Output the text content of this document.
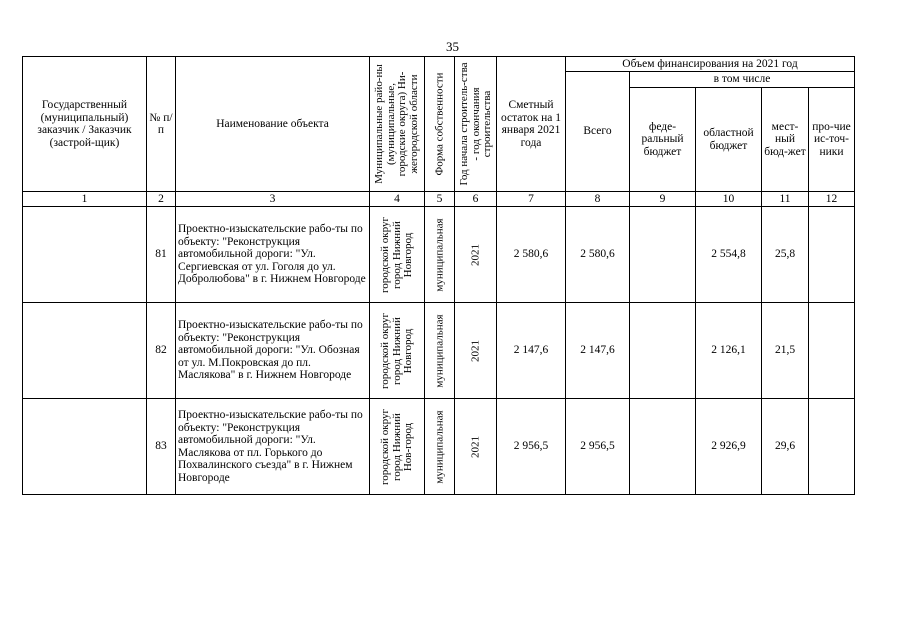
35
Государственный (муниципальный) заказчик / Заказчик (застрой-щик)	№ п/п	Наименование объекта	Муниципальные райо-ны (муниципальные, городские округа) Ни-жегородской области	Форма собственности	Год начала строитель-ства - год окончания строительства	Сметный остаток на 1 января 2021 года	Объем финансирования на 2021 год				
							Всего	в том числе			
								феде-ральный бюджет	областной бюджет	мест-ный бюд-жет	про-чие ис-точ-ники
1	2	3	4	5	6	7	8	9	10	11	12
	81	Проектно-изыскательские рабо-ты по объекту: "Реконструкция автомобильной дороги: "Ул. Сергиевская от ул. Гоголя до ул. Добролюбова" в г. Нижнем Новгороде	городской округ город Нижний Новгород	муниципальная	2021	2 580,6	2 580,6		2 554,8	25,8	
	82	Проектно-изыскательские рабо-ты по объекту: "Реконструкция автомобильной дороги: "Ул. Обозная от ул. М.Покровская до пл. Маслякова" в г. Нижнем Новгороде	городской округ город Нижний Новгород	муниципальная	2021	2 147,6	2 147,6		2 126,1	21,5	
	83	Проектно-изыскательские рабо-ты по объекту: "Реконструкция автомобильной дороги: "Ул. Маслякова от пл. Горького до Похвалинского съезда" в г. Нижнем Новгороде	городской округ город Нижний Нов-город	муниципальная	2021	2 956,5	2 956,5		2 926,9	29,6	
